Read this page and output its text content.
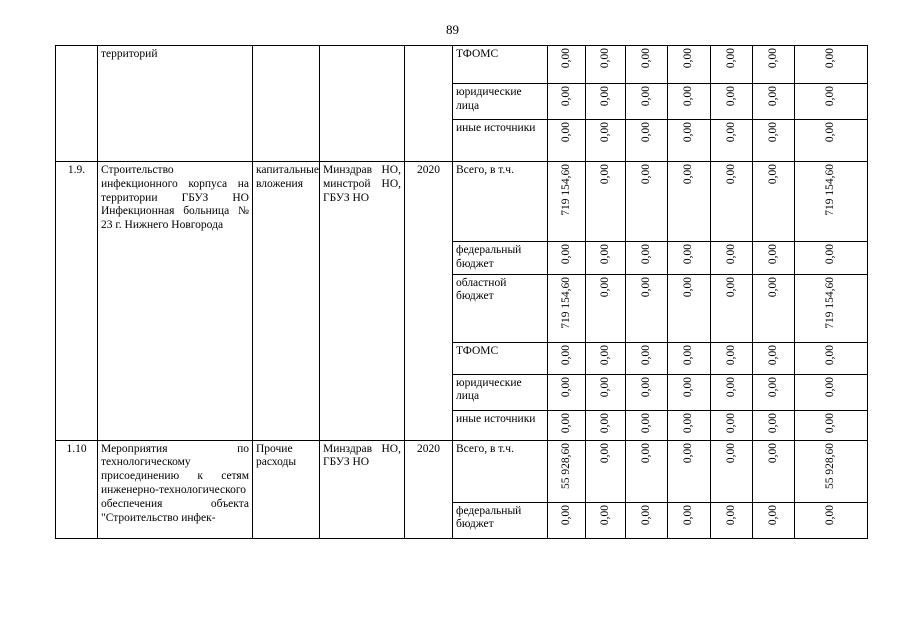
89
	территорий				ТФОМС	0,00	0,00	0,00	0,00	0,00	0,00	0,00

					юридические лица	0,00	0,00	0,00	0,00	0,00	0,00	0,00

					иные источники	0,00	0,00	0,00	0,00	0,00	0,00	0,00

1.9.	Строительство инфекционного корпуса на территории ГБУЗ НО Инфекционная больница № 23 г. Нижнего Новгорода	капитальные вложения	Минздрав НО, минстрой НО, ГБУЗ НО	2020	Всего, в т.ч.	719 154,60	0,00	0,00	0,00	0,00	0,00	719 154,60

					федеральный бюджет	0,00	0,00	0,00	0,00	0,00	0,00	0,00

					областной бюджет	719 154,60	0,00	0,00	0,00	0,00	0,00	719 154,60

					ТФОМС	0,00	0,00	0,00	0,00	0,00	0,00	0,00

					юридические лица	0,00	0,00	0,00	0,00	0,00	0,00	0,00

					иные источники	0,00	0,00	0,00	0,00	0,00	0,00	0,00

1.10	Мероприятия по технологическому присоединению к сетям инженерно-технологического обеспечения объекта "Строительство инфек-	Прочие расходы	Минздрав НО, ГБУЗ НО	2020	Всего, в т.ч.	55 928,60	0,00	0,00	0,00	0,00	0,00	55 928,60

					федеральный бюджет	0,00	0,00	0,00	0,00	0,00	0,00	0,00
